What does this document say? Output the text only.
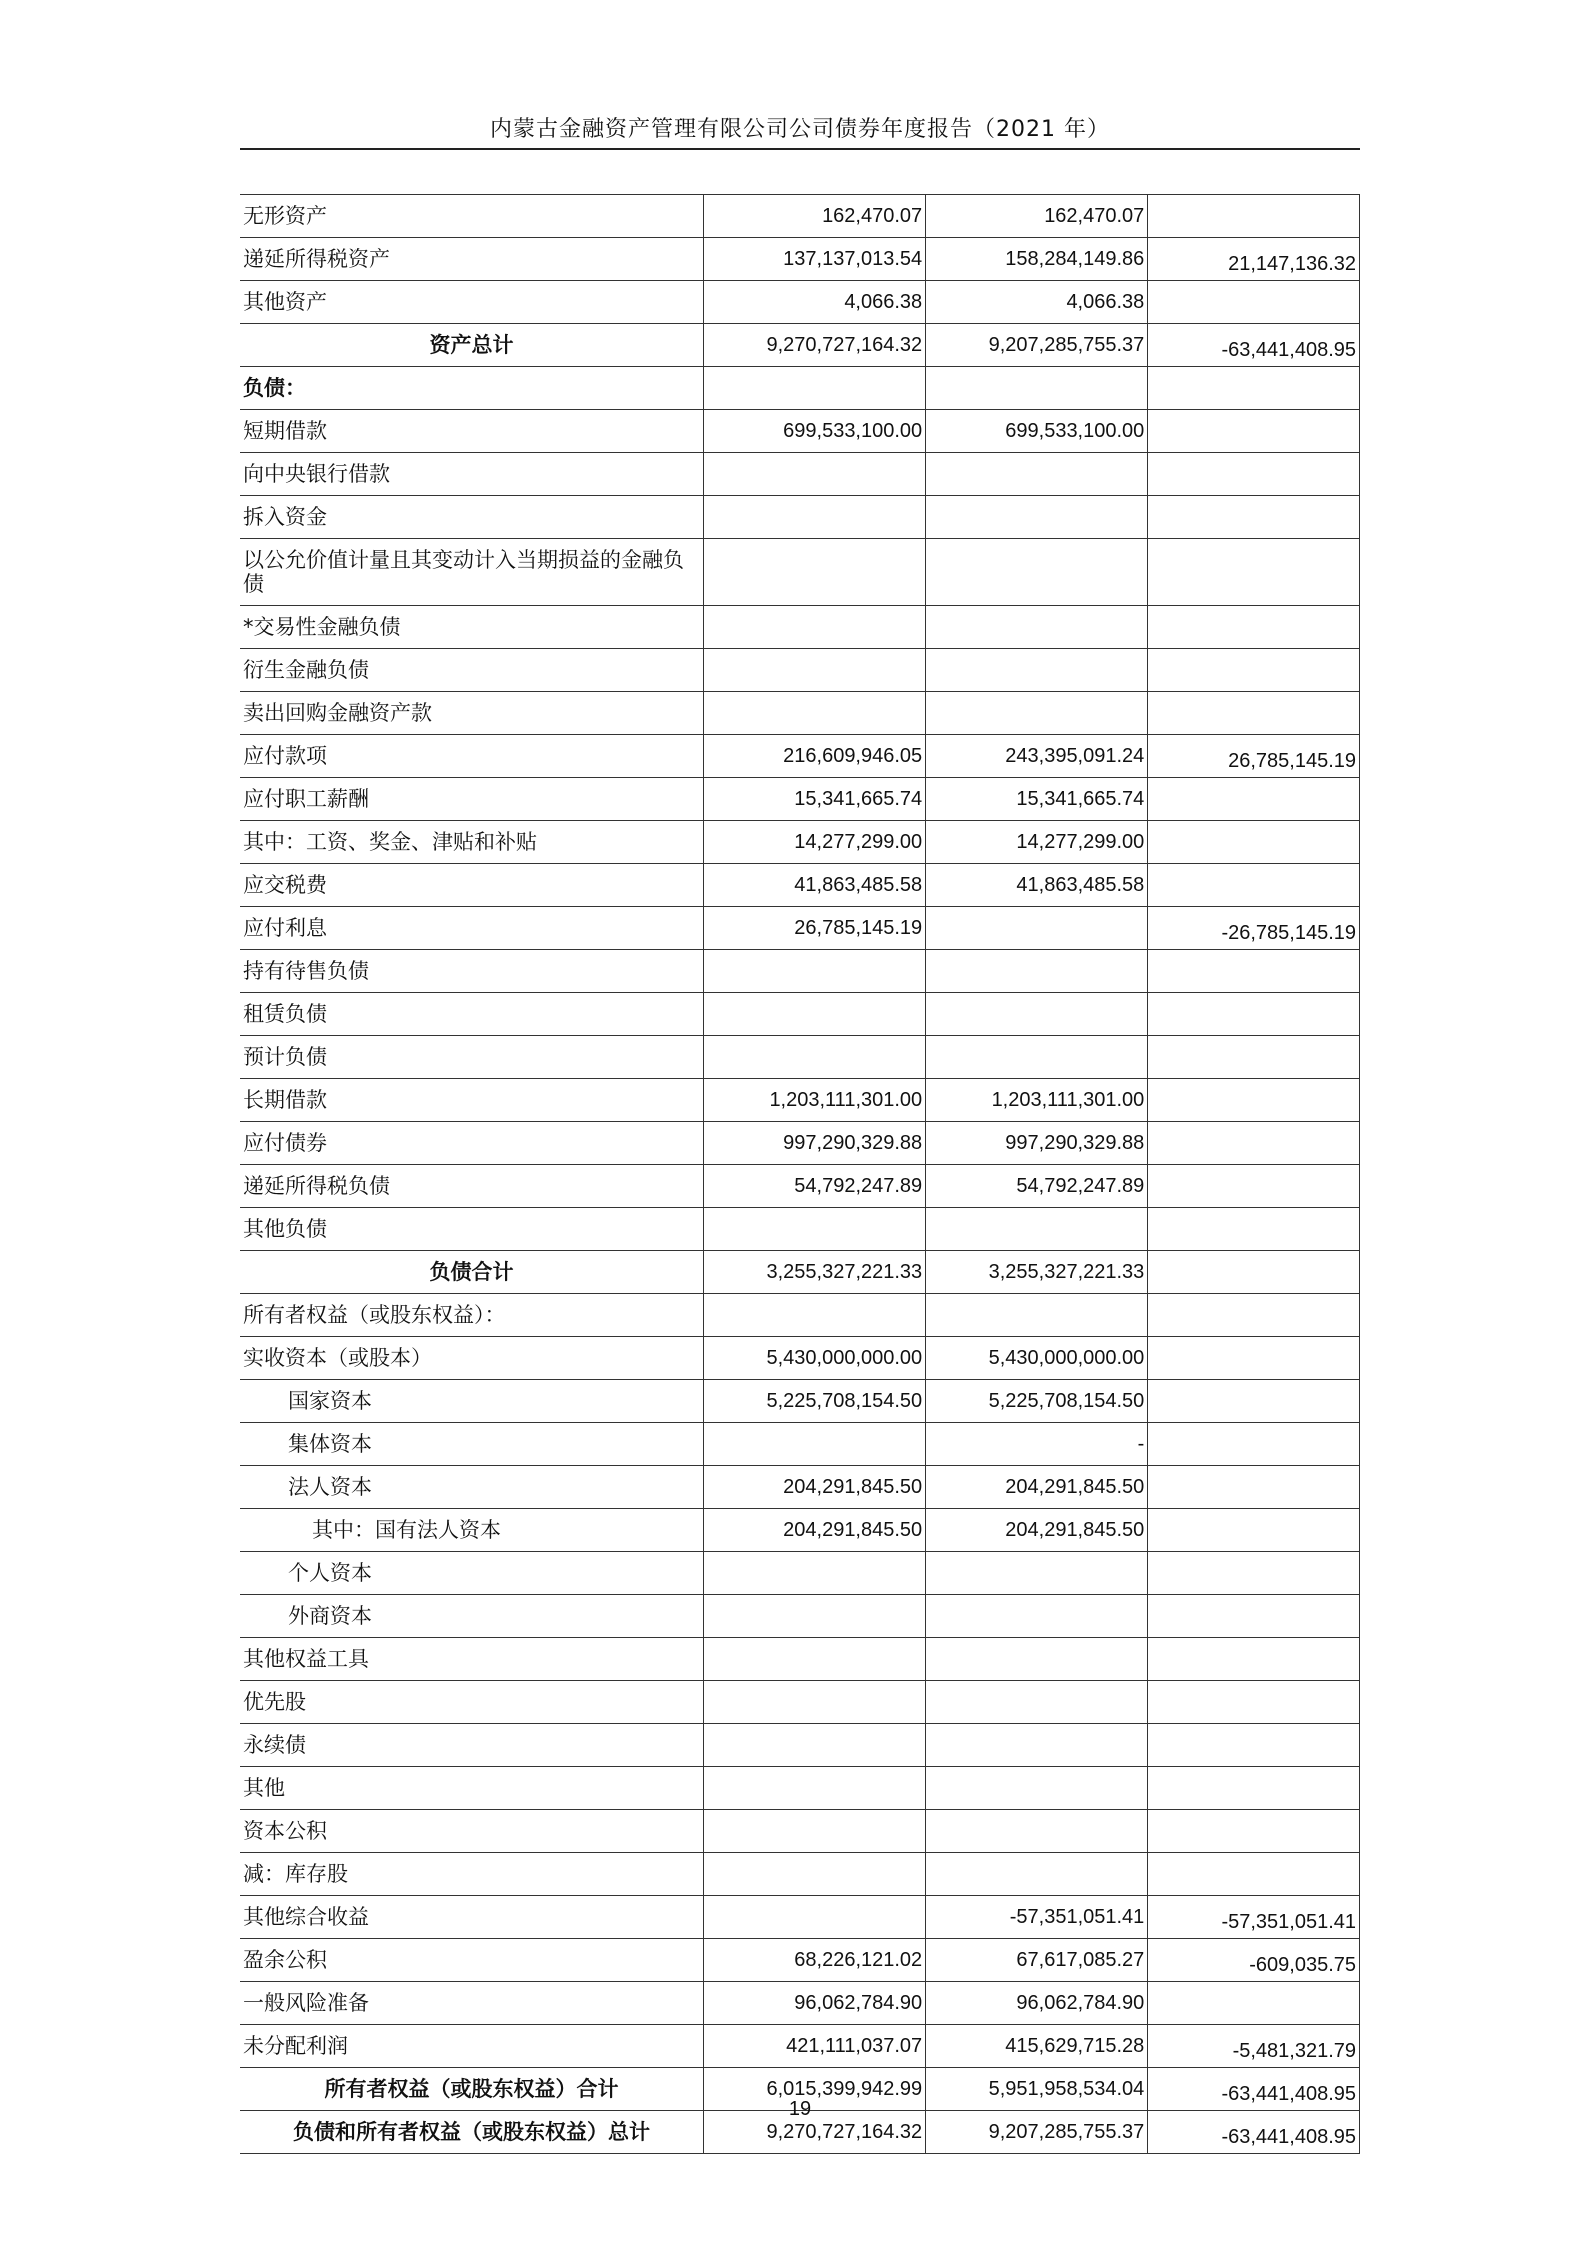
内蒙古金融资产管理有限公司公司债券年度报告（2021 年）
无形资产	162,470.07	162,470.07	
递延所得税资产	137,137,013.54	158,284,149.86	21,147,136.32
其他资产	4,066.38	4,066.38	
资产总计	9,270,727,164.32	9,207,285,755.37	-63,441,408.95
负债：			
短期借款	699,533,100.00	699,533,100.00	
向中央银行借款			
拆入资金			
以公允价值计量且其变动计入当期损益的金融负债			
*交易性金融负债			
衍生金融负债			
卖出回购金融资产款			
应付款项	216,609,946.05	243,395,091.24	26,785,145.19
应付职工薪酬	15,341,665.74	15,341,665.74	
其中：工资、奖金、津贴和补贴	14,277,299.00	14,277,299.00	
应交税费	41,863,485.58	41,863,485.58	
应付利息	26,785,145.19		-26,785,145.19
持有待售负债			
租赁负债			
预计负债			
长期借款	1,203,111,301.00	1,203,111,301.00	
应付债券	997,290,329.88	997,290,329.88	
递延所得税负债	54,792,247.89	54,792,247.89	
其他负债			
负债合计	3,255,327,221.33	3,255,327,221.33	
所有者权益（或股东权益）：			
实收资本（或股本）	5,430,000,000.00	5,430,000,000.00	
国家资本	5,225,708,154.50	5,225,708,154.50	
集体资本		-	
法人资本	204,291,845.50	204,291,845.50	
其中：国有法人资本	204,291,845.50	204,291,845.50	
个人资本			
外商资本			
其他权益工具			
优先股			
永续债			
其他			
资本公积			
减：库存股			
其他综合收益		-57,351,051.41	-57,351,051.41
盈余公积	68,226,121.02	67,617,085.27	-609,035.75
一般风险准备	96,062,784.90	96,062,784.90	
未分配利润	421,111,037.07	415,629,715.28	-5,481,321.79
所有者权益（或股东权益）合计	6,015,399,942.99	5,951,958,534.04	-63,441,408.95
负债和所有者权益（或股东权益）总计	9,270,727,164.32	9,207,285,755.37	-63,441,408.95
19
